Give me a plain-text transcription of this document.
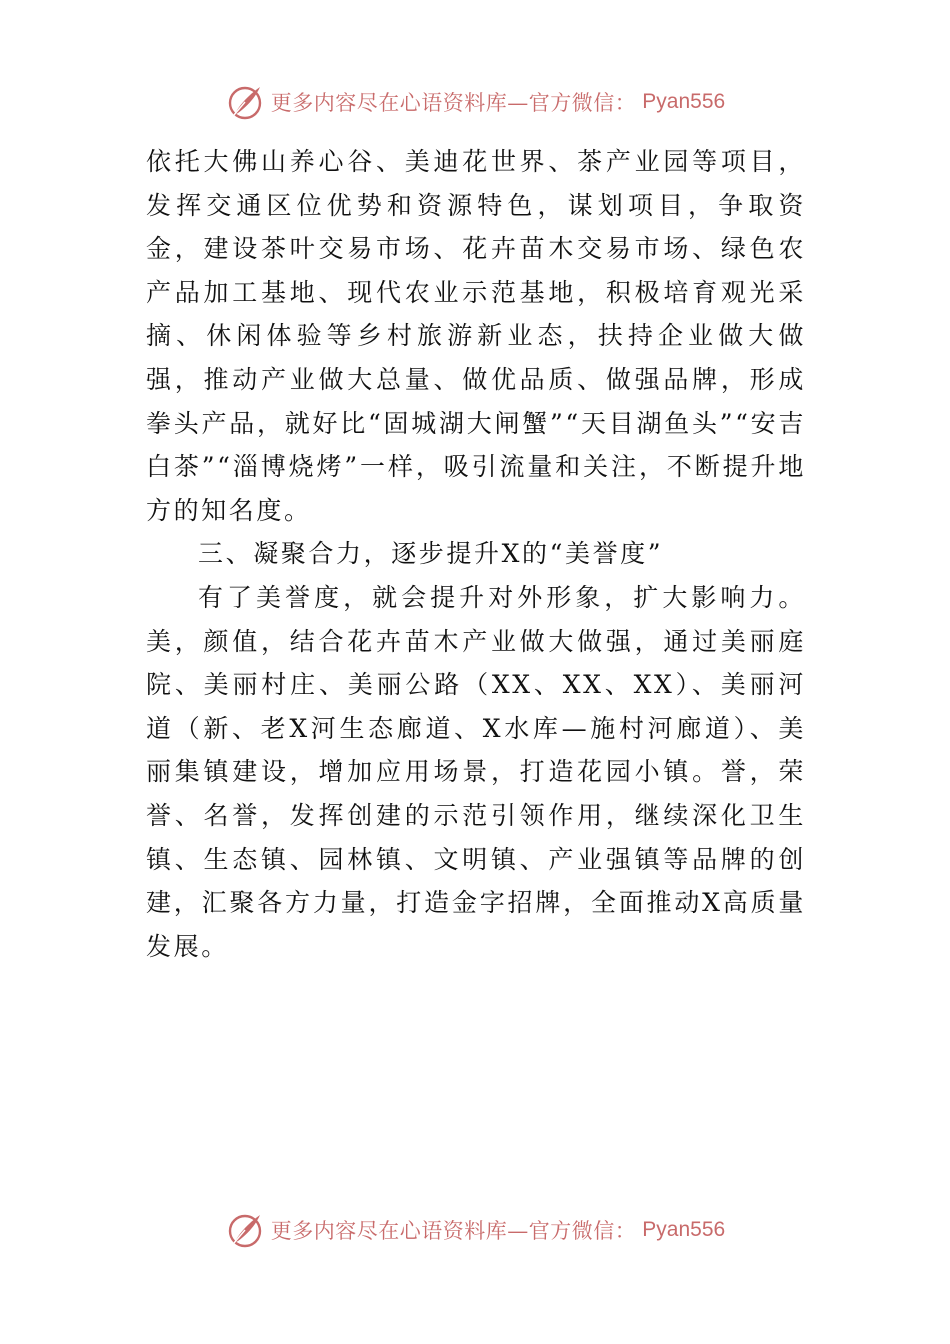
更多内容尽在心语资料库—官方微信： Pyan556

依托大佛山养心谷、美迪花世界、茶产业园等项目，发挥交通区位优势和资源特色，谋划项目，争取资金，建设茶叶交易市场、花卉苗木交易市场、绿色农产品加工基地、现代农业示范基地，积极培育观光采摘、休闲体验等乡村旅游新业态，扶持企业做大做强，推动产业做大总量、做优品质、做强品牌，形成拳头产品，就好比“固城湖大闸蟹”“天目湖鱼头”“安吉白茶”“淄博烧烤”一样，吸引流量和关注，不断提升地方的知名度。

三、凝聚合力，逐步提升X的“美誉度”

有了美誉度，就会提升对外形象，扩大影响力。美，颜值，结合花卉苗木产业做大做强，通过美丽庭院、美丽村庄、美丽公路（XX、XX、XX）、美丽河道（新、老X河生态廊道、X水库—施村河廊道）、美丽集镇建设，增加应用场景，打造花园小镇。誉，荣誉、名誉，发挥创建的示范引领作用，继续深化卫生镇、生态镇、园林镇、文明镇、产业强镇等品牌的创建，汇聚各方力量，打造金字招牌，全面推动X高质量发展。

更多内容尽在心语资料库—官方微信： Pyan556
